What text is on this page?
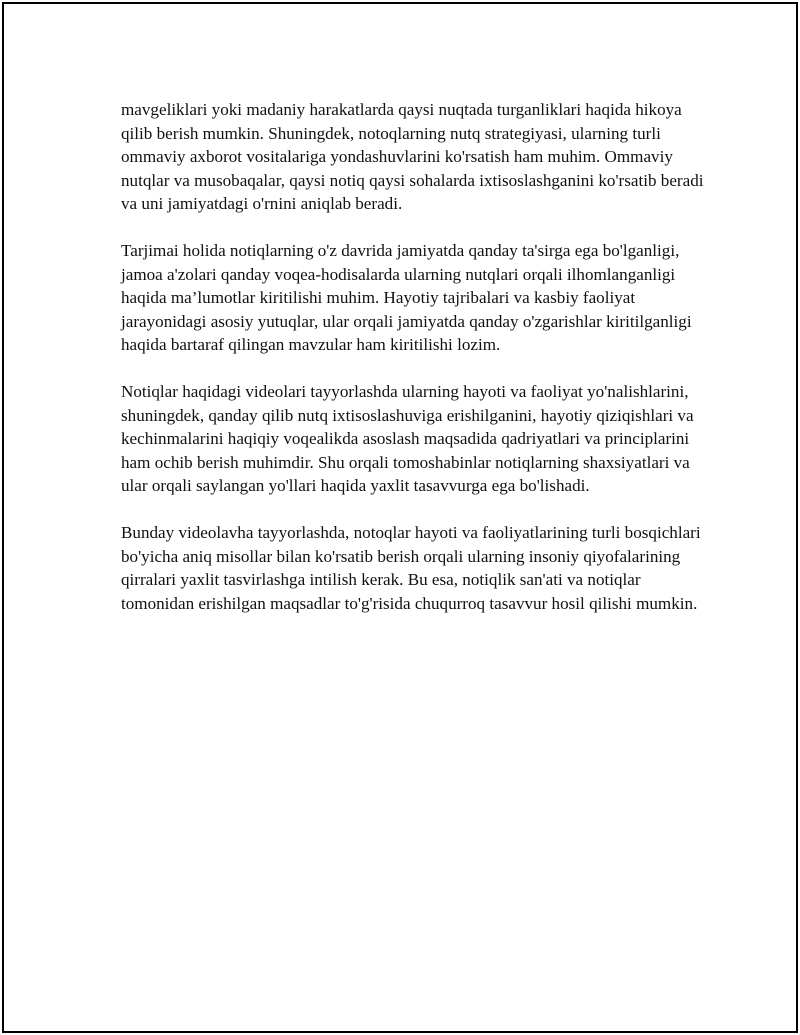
mavgeliklari yoki madaniy harakatlarda qaysi nuqtada turganliklari haqida hikoya qilib berish mumkin. Shuningdek, notoqlarning nutq strategiyasi, ularning turli ommaviy axborot vositalariga yondashuvlarini ko'rsatish ham muhim. Ommaviy nutqlar va musobaqalar, qaysi notiq qaysi sohalarda ixtisoslashganini ko'rsatib beradi va uni jamiyatdagi o'rnini aniqlab beradi.

Tarjimai holida notiqlarning o'z davrida jamiyatda qanday ta'sirga ega bo'lganligi, jamoa a'zolari qanday voqea-hodisalarda ularning nutqlari orqali ilhomlanganligi haqida ma’lumotlar kiritilishi muhim. Hayotiy tajribalari va kasbiy faoliyat jarayonidagi asosiy yutuqlar, ular orqali jamiyatda qanday o'zgarishlar kiritilganligi haqida bartaraf qilingan mavzular ham kiritilishi lozim.

Notiqlar haqidagi videolari tayyorlashda ularning hayoti va faoliyat yo'nalishlarini, shuningdek, qanday qilib nutq ixtisoslashuviga erishilganini, hayotiy qiziqishlari va kechinmalarini haqiqiy voqealikda asoslash maqsadida qadriyatlari va principlarini ham ochib berish muhimdir. Shu orqali tomoshabinlar notiqlarning shaxsiyatlari va ular orqali saylangan yo'llari haqida yaxlit tasavvurga ega bo'lishadi.

Bunday videolavha tayyorlashda, notoqlar hayoti va faoliyatlarining turli bosqichlari bo'yicha aniq misollar bilan ko'rsatib berish orqali ularning insoniy qiyofalarining qirralari yaxlit tasvirlashga intilish kerak. Bu esa, notiqlik san'ati va notiqlar tomonidan erishilgan maqsadlar to'g'risida chuqurroq tasavvur hosil qilishi mumkin.
